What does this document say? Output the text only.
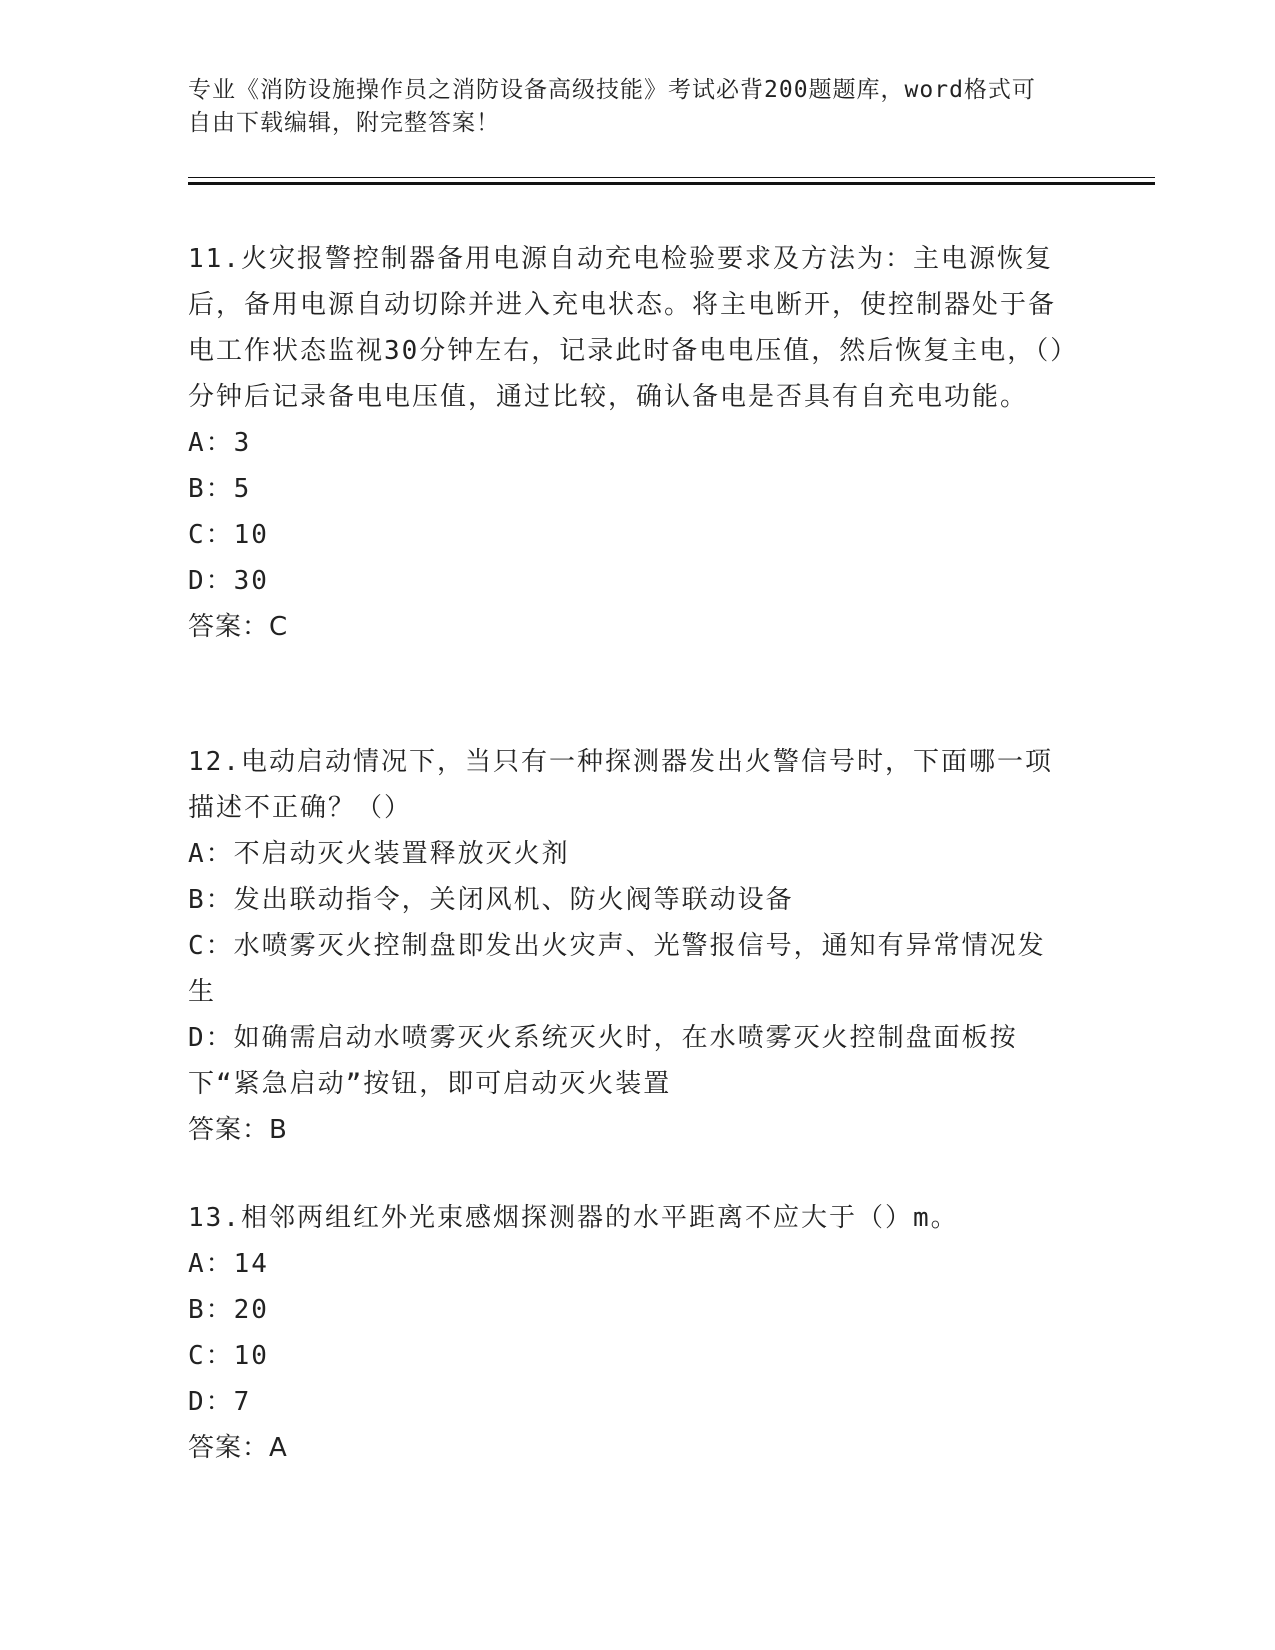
专业《消防设施操作员之消防设备高级技能》考试必背200题题库，word格式可
自由下载编辑，附完整答案！

11.火灾报警控制器备用电源自动充电检验要求及方法为：主电源恢复后，备用电源自动切除并进入充电状态。将主电断开，使控制器处于备电工作状态监视30分钟左右，记录此时备电电压值，然后恢复主电，（）分钟后记录备电电压值，通过比较，确认备电是否具有自充电功能。

A：3

B：5

C：10

D：30

答案：C

12.电动启动情况下，当只有一种探测器发出火警信号时，下面哪一项描述不正确？（）

A：不启动灭火装置释放灭火剂

B：发出联动指令，关闭风机、防火阀等联动设备

C：水喷雾灭火控制盘即发出火灾声、光警报信号，通知有异常情况发生

D：如确需启动水喷雾灭火系统灭火时，在水喷雾灭火控制盘面板按下“紧急启动”按钮，即可启动灭火装置

答案：B

13.相邻两组红外光束感烟探测器的水平距离不应大于（）m。

A：14

B：20

C：10

D：7

答案：A
